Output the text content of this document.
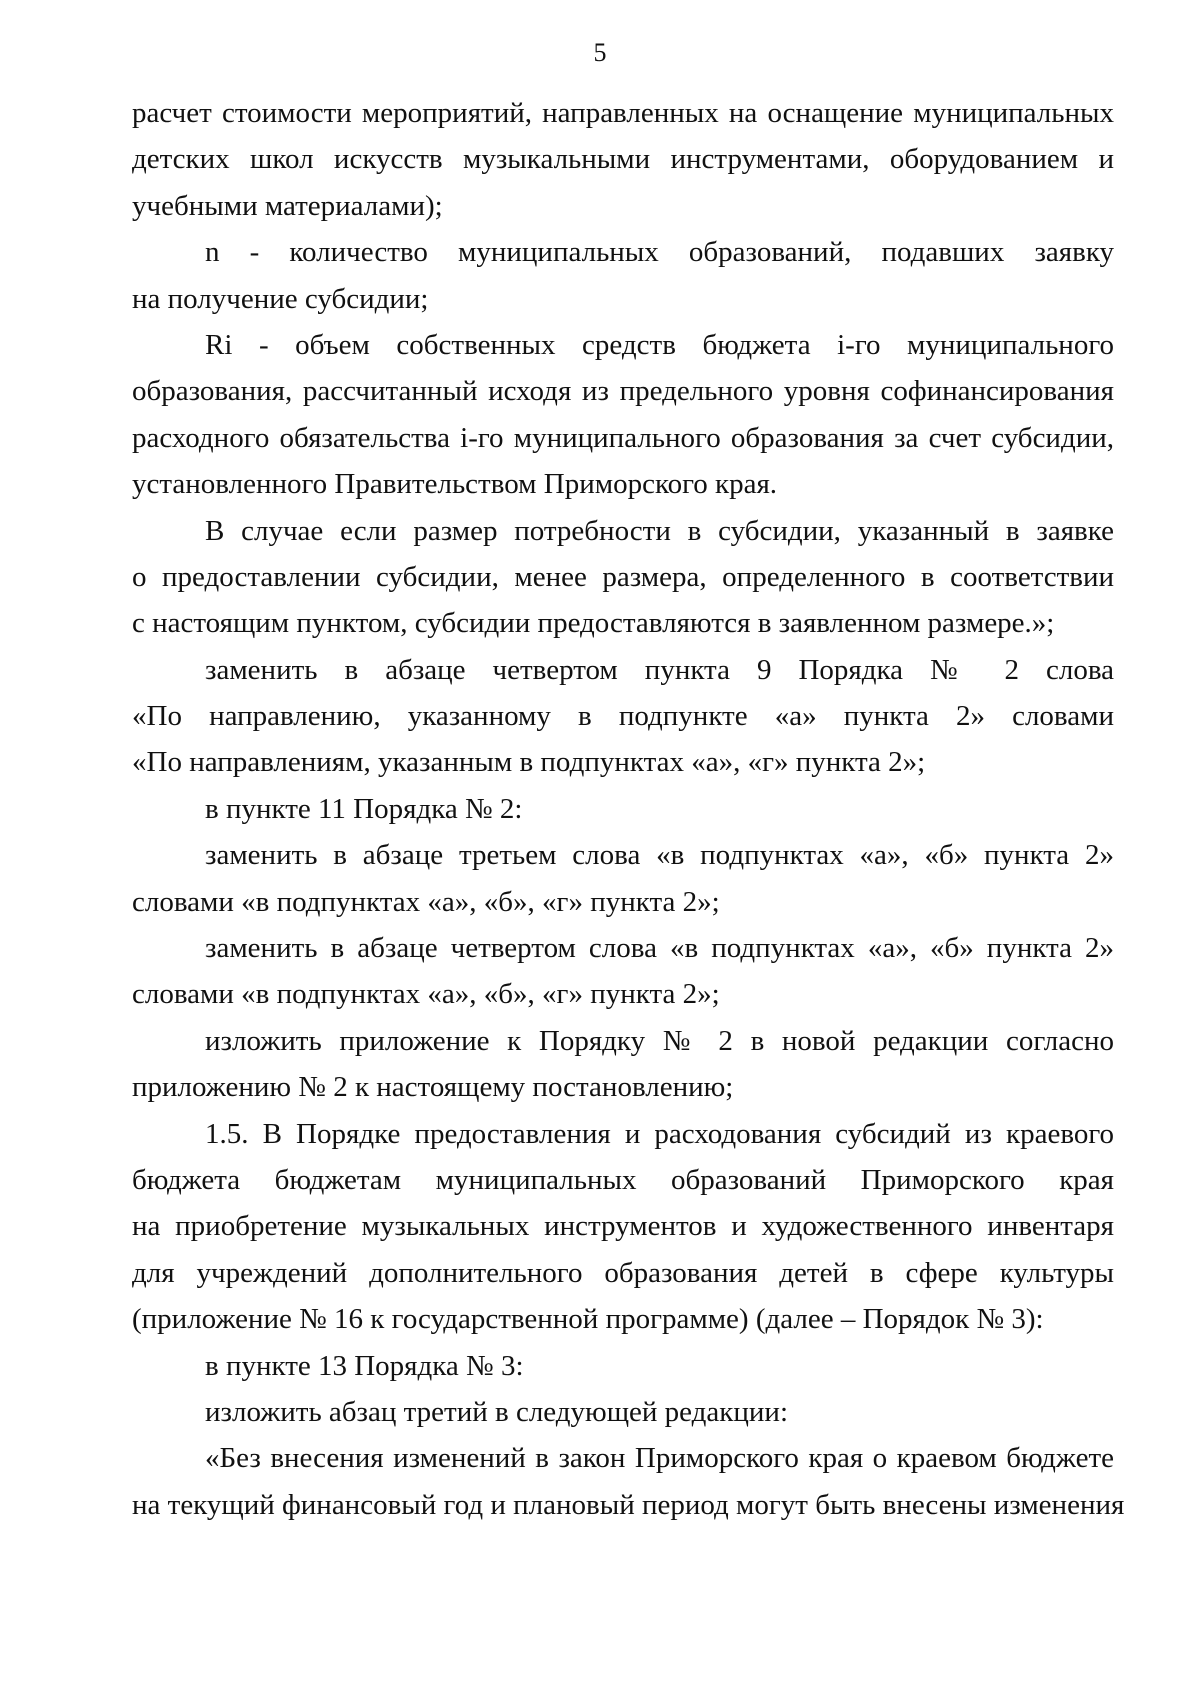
5
расчет стоимости мероприятий, направленных на оснащение муниципальных
детских школ искусств музыкальными инструментами, оборудованием и
учебными материалами);
n - количество муниципальных образований, подавших заявку
на получение субсидии;
Ri - объем собственных средств бюджета i-го муниципального
образования, рассчитанный исходя из предельного уровня софинансирования
расходного обязательства i-го муниципального образования за счет субсидии,
установленного Правительством Приморского края.
В случае если размер потребности в субсидии, указанный в заявке
о предоставлении субсидии, менее размера, определенного в соответствии
с настоящим пунктом, субсидии предоставляются в заявленном размере.»;
заменить в абзаце четвертом пункта 9 Порядка № 2 слова
«По направлению, указанному в подпункте «а» пункта 2» словами
«По направлениям, указанным в подпунктах «а», «г» пункта 2»;
в пункте 11 Порядка № 2:
заменить в абзаце третьем слова «в подпунктах «а», «б» пункта 2»
словами «в подпунктах «а», «б», «г» пункта 2»;
заменить в абзаце четвертом слова «в подпунктах «а», «б» пункта 2»
словами «в подпунктах «а», «б», «г» пункта 2»;
изложить приложение к Порядку № 2 в новой редакции согласно
приложению № 2 к настоящему постановлению;
1.5. В Порядке предоставления и расходования субсидий из краевого
бюджета бюджетам муниципальных образований Приморского края
на приобретение музыкальных инструментов и художественного инвентаря
для учреждений дополнительного образования детей в сфере культуры
(приложение № 16 к государственной программе) (далее – Порядок № 3):
в пункте 13 Порядка № 3:
изложить абзац третий в следующей редакции:
«Без внесения изменений в закон Приморского края о краевом бюджете
на текущий финансовый год и плановый период могут быть внесены изменения
